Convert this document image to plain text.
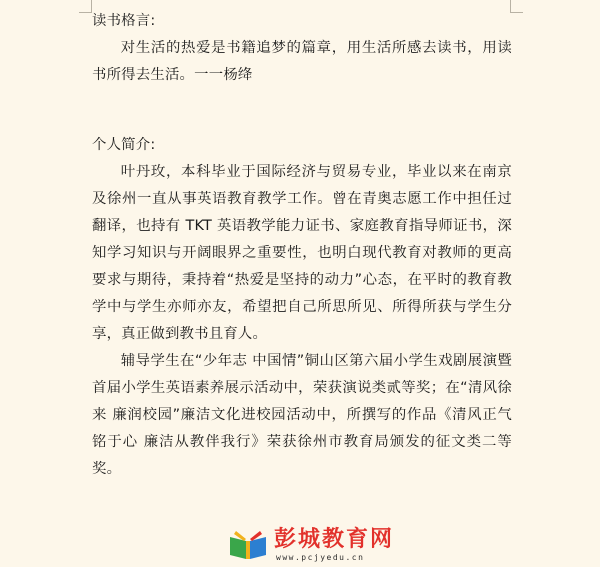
读书格言:

对生活的热爱是书籍追梦的篇章，用生活所感去读书，用读书所得去生活。一一杨绛

个人简介:

叶丹玫，本科毕业于国际经济与贸易专业，毕业以来在南京及徐州一直从事英语教育教学工作。曾在青奥志愿工作中担任过翻译，也持有 TKT 英语教学能力证书、家庭教育指导师证书，深知学习知识与开阔眼界之重要性，也明白现代教育对教师的更高要求与期待，秉持着“热爱是坚持的动力”心态，在平时的教育教学中与学生亦师亦友，希望把自己所思所见、所得所获与学生分享，真正做到教书且育人。

辅导学生在“少年志 中国情”铜山区第六届小学生戏剧展演暨首届小学生英语素养展示活动中，荣获演说类贰等奖；在“清风徐来 廉润校园”廉洁文化进校园活动中，所撰写的作品《清风正气铭于心 廉洁从教伴我行》荣获徐州市教育局颁发的征文类二等奖。

彭城教育网
www.pcjyedu.cn
